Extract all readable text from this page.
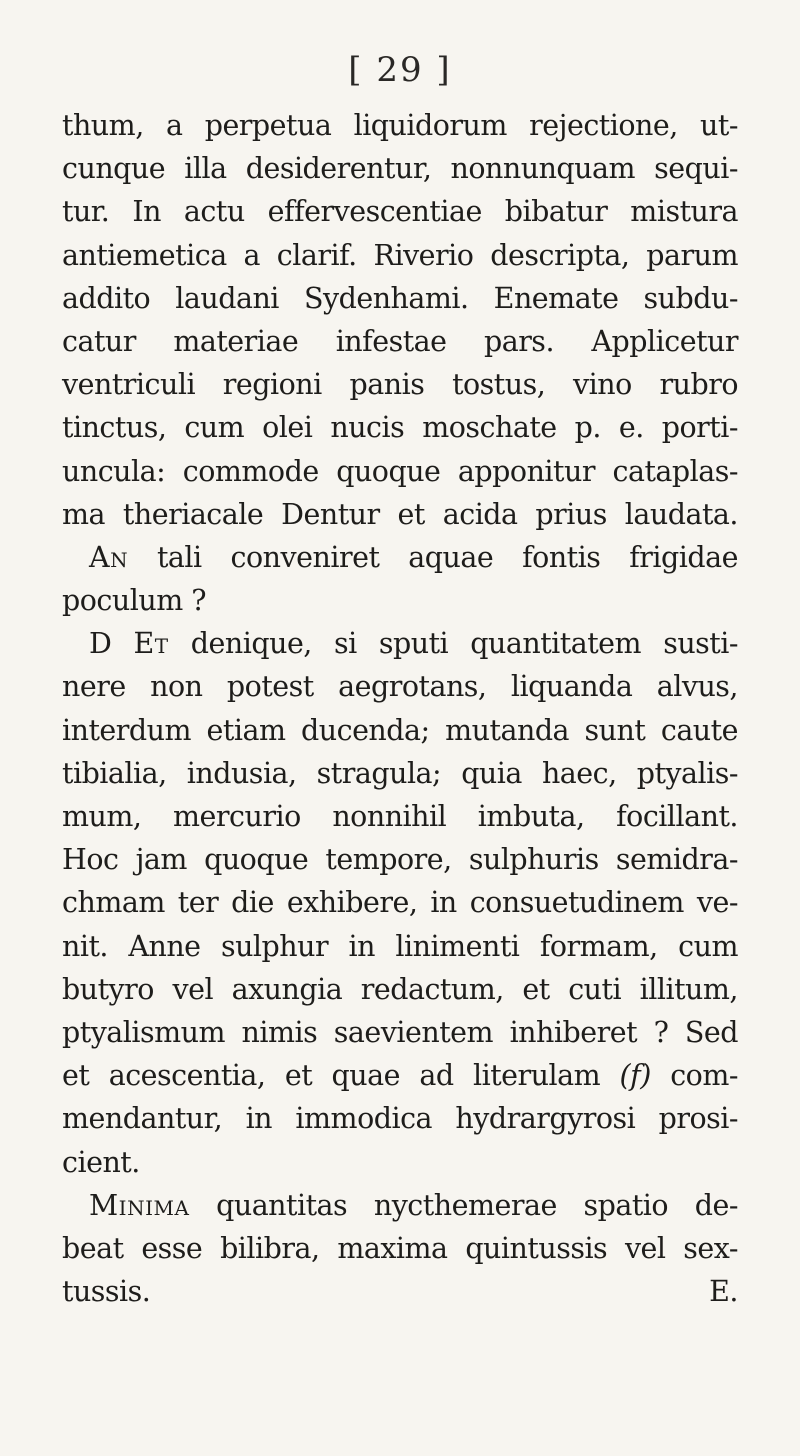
[ 29 ]
thum, a perpetua liquidorum rejectione, ut-
cunque illa desiderentur, nonnunquam sequi-
tur. In actu effervescentiae bibatur mistura
antiemetica a clarif. Riverio descripta, parum
addito laudani Sydenhami. Enemate subdu-
catur materiae infestae pars. Applicetur
ventriculi regioni panis tostus, vino rubro
tinctus, cum olei nucis moschate p. e. porti-
uncula: commode quoque apponitur cataplas-
ma theriacale Dentur et acida prius laudata.
An tali conveniret aquae fontis frigidae
poculum ?
D Et denique, si sputi quantitatem susti-
nere non potest aegrotans, liquanda alvus,
interdum etiam ducenda; mutanda sunt caute
tibialia, indusia, stragula; quia haec, ptyalis-
mum, mercurio nonnihil imbuta, focillant.
Hoc jam quoque tempore, sulphuris semidra-
chmam ter die exhibere, in consuetudinem ve-
nit. Anne sulphur in linimenti formam, cum
butyro vel axungia redactum, et cuti illitum,
ptyalismum nimis saevientem inhiberet ? Sed
et acescentia, et quae ad literulam (f) com-
mendantur, in immodica hydrargyrosi prosi-
cient.
Minima quantitas nycthemerae spatio de-
beat esse bilibra, maxima quintussis vel sex-
tussis.	E.
